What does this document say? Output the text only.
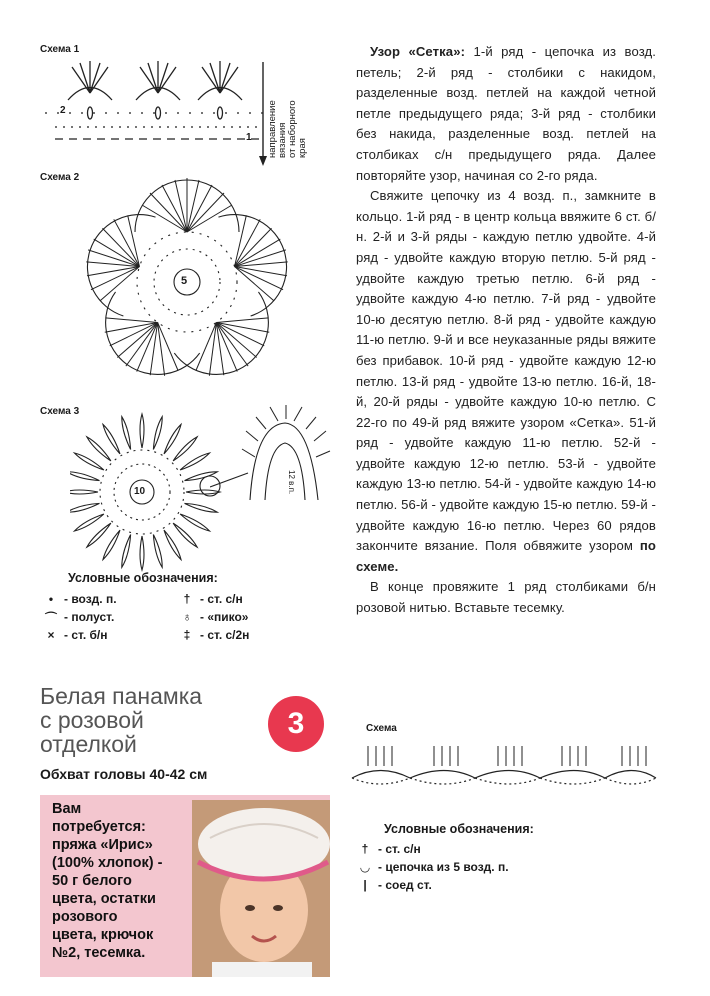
Схема 1
2
1 направление вязания от наборного края
Схема 2
5
Схема 3
10	12 в.п.
Условные обозначения:
• - возд. п.
⌒ - полуст.
× - ст. б/н
† - ст. с/н
♁ - «пико»
‡ - ст. с/2н

Узор «Сетка»: 1-й ряд - цепочка из возд. петель; 2-й ряд - столбики с накидом, разделенные возд. петлей на каждой четной петле предыдущего ряда; 3-й ряд - столбики без накида, разделенные возд. петлей на столбиках с/н предыдущего ряда. Далее повторяйте узор, начиная со 2-го ряда.

Свяжите цепочку из 4 возд. п., замкните в кольцо. 1-й ряд - в центр кольца ввяжите 6 ст. б/н. 2-й и 3-й ряды - каждую петлю удвойте. 4-й ряд - удвойте каждую вторую петлю. 5-й ряд - удвойте каждую третью петлю. 6-й ряд - удвойте каждую 4-ю петлю. 7-й ряд - удвойте 10-ю десятую петлю. 8-й ряд - удвойте каждую 11-ю петлю. 9-й и все неуказанные ряды вяжите без прибавок. 10-й ряд - удвойте каждую 12-ю петлю. 13-й ряд - удвойте 13-ю петлю. 16-й, 18-й, 20-й ряды - удвойте каждую 10-ю петлю. С 22-го по 49-й ряд вяжите узором «Сетка». 51-й ряд - удвойте каждую 11-ю петлю. 52-й - удвойте каждую 12-ю петлю. 53-й - удвойте каждую 13-ю петлю. 54-й - удвойте каждую 14-ю петлю. 56-й - удвойте каждую 15-ю петлю. 59-й - удвойте каждую 16-ю петлю. Через 60 рядов закончите вязание. Поля обвяжите узором по схеме.

В конце провяжите 1 ряд столбиками б/н розовой нитью. Вставьте тесемку.

Белая панамка
с розовой
отделкой
3
Обхват головы 40-42 см
Вам
потребуется:
пряжа «Ирис»
(100% хлопок) -
50 г белого
цвета, остатки
розового
цвета, крючок
№2, тесемка.
Схема
Условные обозначения:
† - ст. с/н
◡ - цепочка из 5 возд. п.
| - соед ст.
